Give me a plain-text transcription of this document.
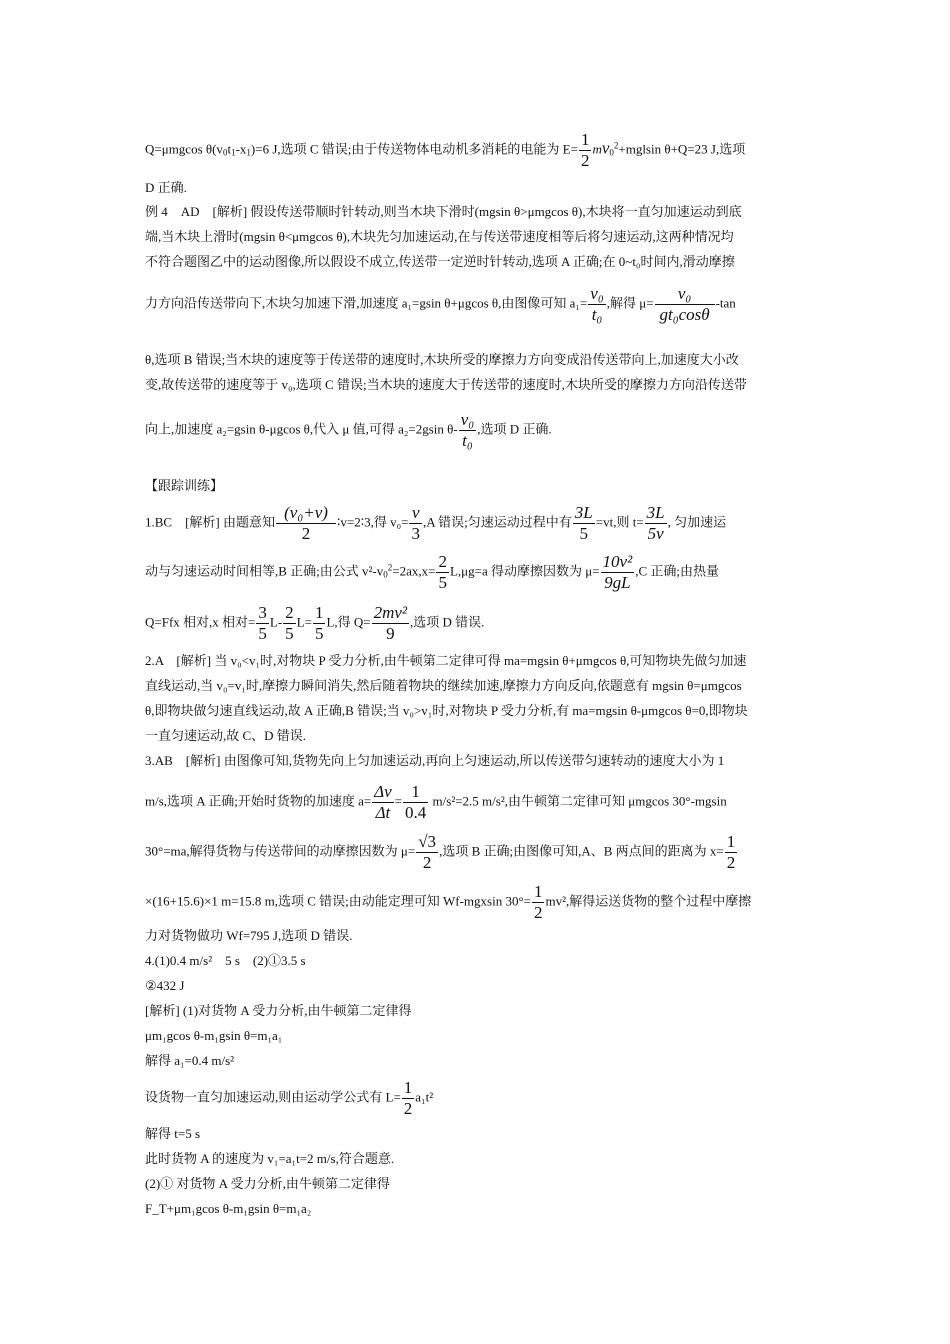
Q=μmgcos $\theta(v_0t_1-x_1)=6$ J,选项 C 错误;由于传送物体电动机多消耗的电能为 $E= \frac{1}{2} mv_0^2+mglsin$ θ+Q=23 J,选项
D 正确.
例 4　AD　[解析] 假设传送带顺时针转动,则当木块下滑时(mgsin θ>μmgcos θ),木块将一直匀加速运动到底
端,当木块上滑时(mgsin θ<μmgcos θ),木块先匀加速运动,在与传送带速度相等后将匀速运动,这两种情况均
不符合题图乙中的运动图像,所以假设不成立,传送带一定逆时针转动,选项 A 正确;在 0~t₀时间内,滑动摩擦
力方向沿传送带向下,木块匀加速下滑,加速度 a₁=gsin θ+μgcos θ,由图像可知 $a_1= \frac{\text{v₀}}{\text{t₀}}$ ,解得 $\mu= \frac{\text{v₀}}{\text{gt₀cosθ}} -\tan$
θ,选项 B 错误;当木块的速度等于传送带的速度时,木块所受的摩擦力方向变成沿传送带向上,加速度大小改
变,故传送带的速度等于 v₀,选项 C 错误;当木块的速度大于传送带的速度时,木块所受的摩擦力方向沿传送带
向上,加速度 a₂=gsin θ-μgcos θ,代入 μ 值,可得 a₂=2gsin $\theta- \frac{\text{v₀}}{\text{t₀}}$ ,选项 D 正确.
【跟踪训练】
1.BC　[解析] 由题意知 $\frac{\text{(v₀+v)}}{2}$ ∶v=2∶3,得 $v_0= \frac{v}{3} ,A$ 错误;匀速运动过程中有 $\frac{3L}{5} =vt$,则 $t= \frac{3L}{5v}$ , 匀加速运
动与匀速运动时间相等,B 正确;由公式 $v^2-v_0^2=2ax,x= \frac{2}{5} L,\mu g=a$ 得动摩擦因数为 $\mu= \frac{\text{10v²}}{9gL} ,C$ 正确;由热量
Q=Ffx 相对,x 相对= $\frac{3}{5} L- \frac{2}{5} L= \frac{1}{5} L$,得 $Q= \frac{\text{2mv²}}{9}$ ,选项 D 错误.
2.A　[解析] 当 v₀<v₁时,对物块 P 受力分析,由牛顿第二定律可得 ma=mgsin θ+μmgcos θ,可知物块先做匀加速
直线运动,当 v₀=v₁时,摩擦力瞬间消失,然后随着物块的继续加速,摩擦力方向反向,依题意有 mgsin θ=μmgcos
θ,即物块做匀速直线运动,故 A 正确,B 错误;当 v₀>v₁时,对物块 P 受力分析,有 ma=mgsin θ-μmgcos θ=0,即物块
一直匀速运动,故 C、D 错误.
3.AB　[解析] 由图像可知,货物先向上匀加速运动,再向上匀速运动,所以传送带匀速转动的速度大小为 1
m/s,选项 A 正确;开始时货物的加速度 $a= \frac{\Delta v}{\Delta t} = \frac{1}{0.4} m/s^2=2.5$ m/s²,由牛顿第二定律可知 μmgcos 30°-mgsin
30°=ma,解得货物与传送带间的动摩擦因数为 $\mu= \frac{√3}{2}$ ,选项 B 正确;由图像可知,A、B 两点间的距离为 $x= \frac{1}{2}$
×(16+15.6)×1 m=15.8 m,选项 C 错误;由动能定理可知 Wf-mgxsin $30^\circ= \frac{1}{2} mv^2$,解得运送货物的整个过程中摩擦
力对货物做功 Wf=795 J,选项 D 错误.
4.(1)0.4 m/s²　5 s　(2)①3.5 s
②432 J
[解析] (1)对货物 A 受力分析,由牛顿第二定律得
μm₁gcos θ-m₁gsin θ=m₁a₁
解得 a₁=0.4 m/s²
设货物一直匀加速运动,则由运动学公式有 $L= \frac{1}{2} a_1t^2$
解得 t=5 s
此时货物 A 的速度为 v₁=a₁t=2 m/s,符合题意.
(2)① 对货物 A 受力分析,由牛顿第二定律得
F_T+μm₁gcos θ-m₁gsin θ=m₁a₂
